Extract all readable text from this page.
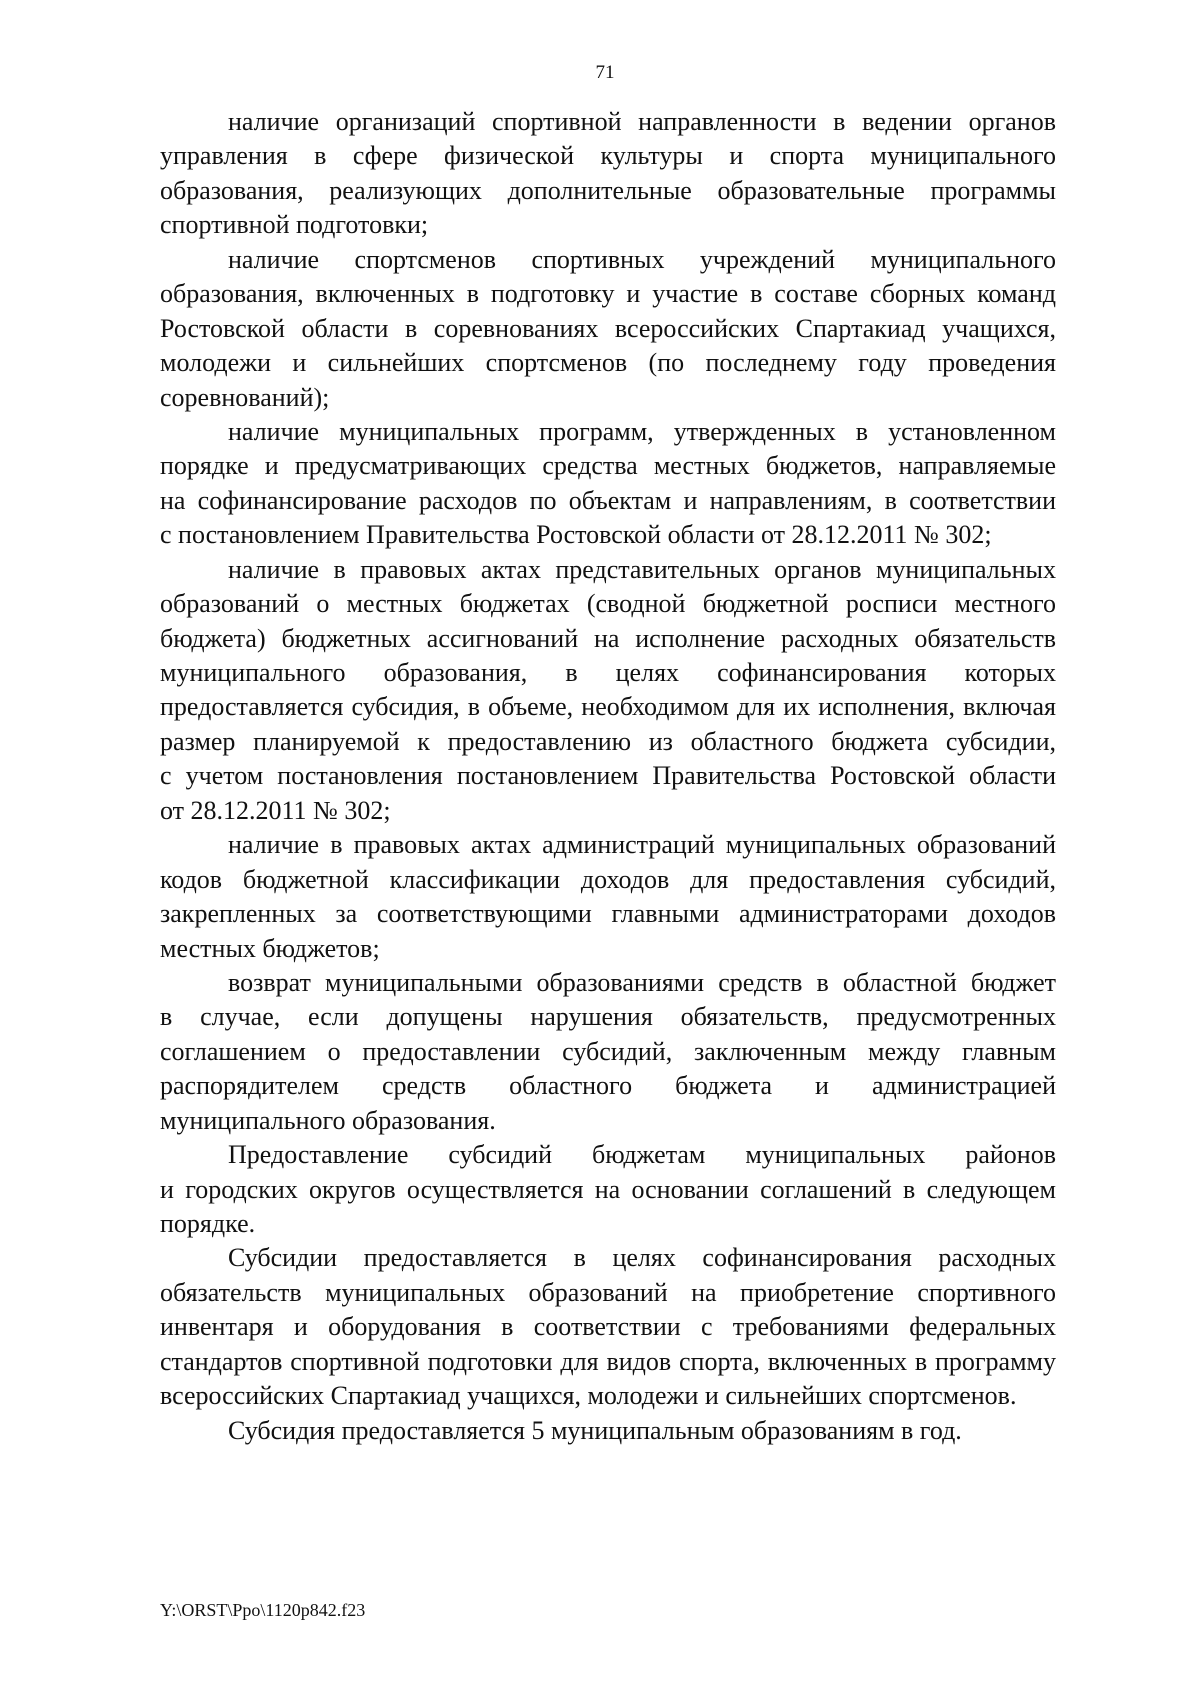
71
наличие организаций спортивной направленности в ведении органов
управления в сфере физической культуры и спорта муниципального
образования, реализующих дополнительные образовательные программы
спортивной подготовки;
наличие спортсменов спортивных учреждений муниципального
образования, включенных в подготовку и участие в составе сборных команд
Ростовской области в соревнованиях всероссийских Спартакиад учащихся,
молодежи и сильнейших спортсменов (по последнему году проведения
соревнований);
наличие муниципальных программ, утвержденных в установленном
порядке и предусматривающих средства местных бюджетов, направляемые
на софинансирование расходов по объектам и направлениям, в соответствии
с постановлением Правительства Ростовской области от 28.12.2011 № 302;
наличие в правовых актах представительных органов муниципальных
образований о местных бюджетах (сводной бюджетной росписи местного
бюджета) бюджетных ассигнований на исполнение расходных обязательств
муниципального образования, в целях софинансирования которых
предоставляется субсидия, в объеме, необходимом для их исполнения, включая
размер планируемой к предоставлению из областного бюджета субсидии,
с учетом постановления постановлением Правительства Ростовской области
от 28.12.2011 № 302;
наличие в правовых актах администраций муниципальных образований
кодов бюджетной классификации доходов для предоставления субсидий,
закрепленных за соответствующими главными администраторами доходов
местных бюджетов;
возврат муниципальными образованиями средств в областной бюджет
в случае, если допущены нарушения обязательств, предусмотренных
соглашением о предоставлении субсидий, заключенным между главным
распорядителем средств областного бюджета и администрацией
муниципального образования.
Предоставление субсидий бюджетам муниципальных районов
и городских округов осуществляется на основании соглашений в следующем
порядке.
Субсидии предоставляется в целях софинансирования расходных
обязательств муниципальных образований на приобретение спортивного
инвентаря и оборудования в соответствии с требованиями федеральных
стандартов спортивной подготовки для видов спорта, включенных в программу
всероссийских Спартакиад учащихся, молодежи и сильнейших спортсменов.
Субсидия предоставляется 5 муниципальным образованиям в год.
Y:\ORST\Ppo\1120p842.f23
